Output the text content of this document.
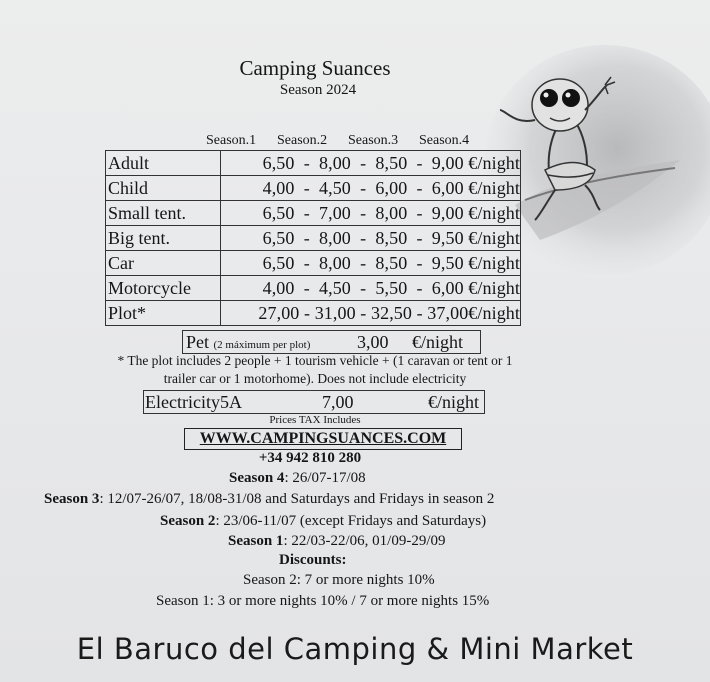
Camping Suances
Season 2024
Season.1 Season.2 Season.3 Season.4
Adult	6,50  -  8,00  -  8,50  -  9,00 €/night
Child	4,00  -  4,50  -  6,00  -  6,00 €/night
Small tent.	6,50  -  7,00  -  8,00  -  9,00 €/night
Big tent.	6,50  -  8,00  -  8,50  -  9,50 €/night
Car	6,50  -  8,00  -  8,50  -  9,50 €/night
Motorcycle	4,00  -  4,50  -  5,50  -  6,00 €/night
Plot*	27,00 - 31,00 - 32,50 - 37,00€/night
Pet (2 máximum per plot)	3,00 €/night
* The plot includes 2 people + 1 tourism vehicle + (1 caravan or tent or 1 trailer car or 1 motorhome). Does not include electricity
Electricity5A	7,00	€/night
Prices TAX Includes
WWW.CAMPINGSUANCES.COM
+34 942 810 280
Season 4: 26/07-17/08
Season 3: 12/07-26/07, 18/08-31/08 and Saturdays and Fridays in season 2
Season 2: 23/06-11/07 (except Fridays and Saturdays)
Season 1: 22/03-22/06, 01/09-29/09
Discounts:
Season 2: 7 or more nights 10%
Season 1: 3 or more nights 10% / 7 or more nights 15%
El Baruco del Camping & Mini Market
